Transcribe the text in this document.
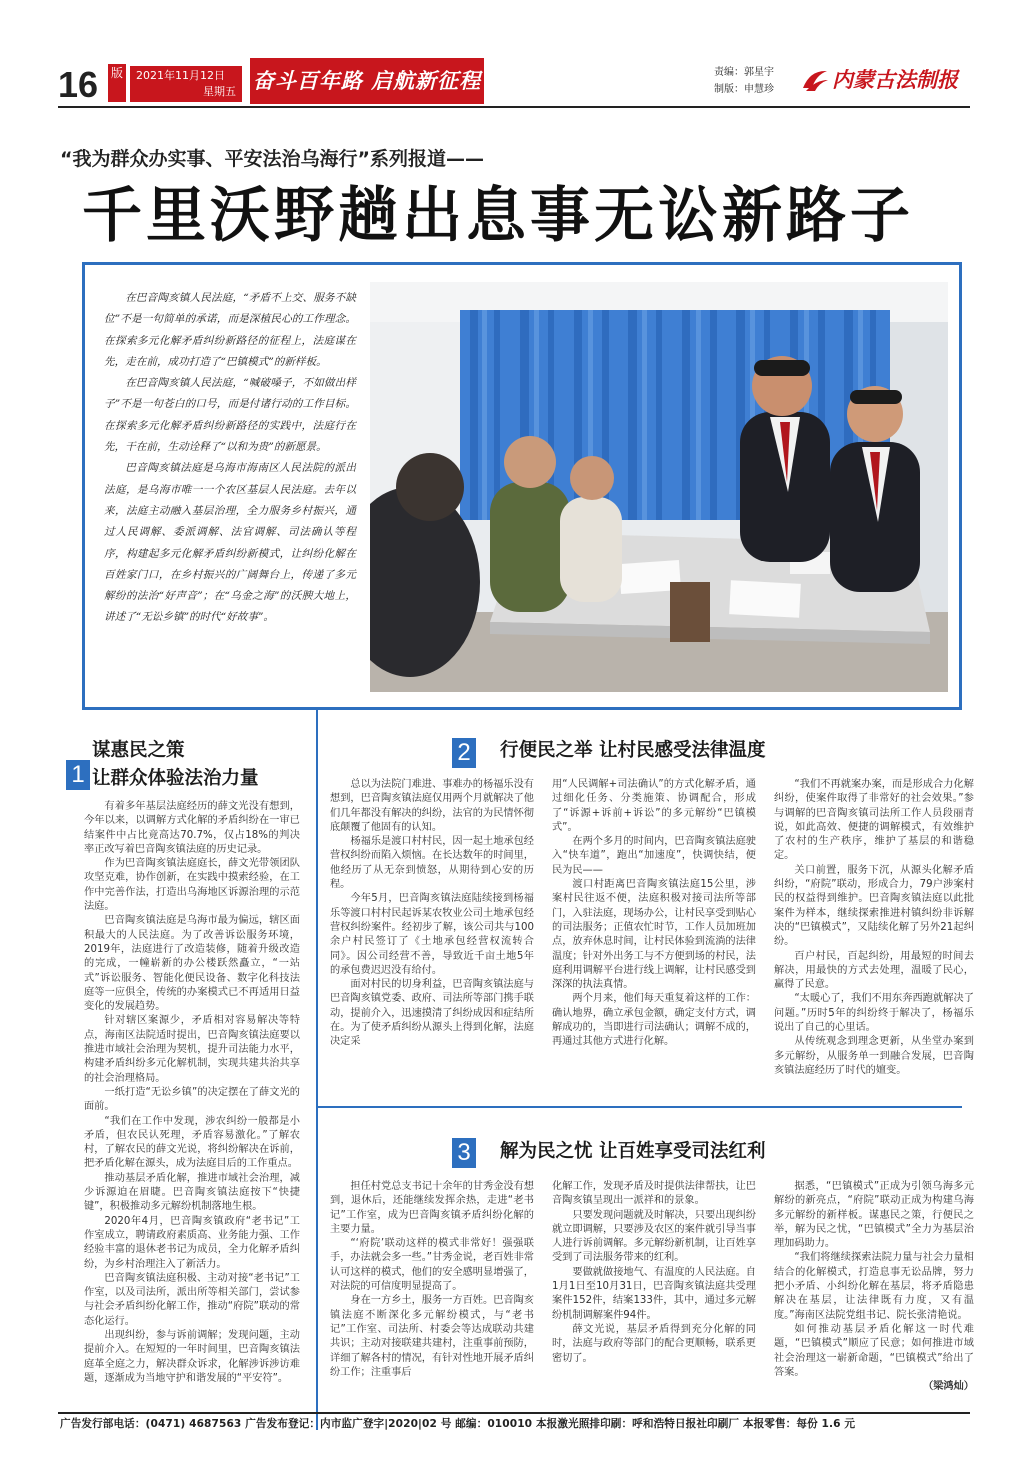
16 版	2021年11月12日
星期五 奋斗百年路 启航新征程	责编：郭星宇
制版：申慧珍	内蒙古法制报
“我为群众办实事、平安法治乌海行”系列报道——
千里沃野趟出息事无讼新路子

在巴音陶亥镇人民法庭，“矛盾不上交、服务不缺位”不是一句简单的承诺，而是深植民心的工作理念。在探索多元化解矛盾纠纷新路径的征程上，法庭谋在先，走在前，成功打造了“巴镇模式”的新样板。

在巴音陶亥镇人民法庭，“喊破嗓子，不如做出样子”不是一句苍白的口号，而是付诸行动的工作目标。在探索多元化解矛盾纠纷新路径的实践中，法庭行在先，干在前，生动诠释了“以和为贵”的新愿景。

巴音陶亥镇法庭是乌海市海南区人民法院的派出法庭，是乌海市唯一一个农区基层人民法庭。去年以来，法庭主动融入基层治理，全力服务乡村振兴，通过人民调解、委派调解、法官调解、司法确认等程序，构建起多元化解矛盾纠纷新模式，让纠纷化解在百姓家门口，在乡村振兴的广阔舞台上，传递了多元解纷的法治“好声音”；在“乌金之海”的沃腴大地上，讲述了“无讼乡镇”的时代“好故事”。

谋惠民之策
1 让群众体验法治力量

有着多年基层法庭经历的薛文光没有想到，今年以来，以调解方式化解的矛盾纠纷在一审已结案件中占比竟高达70.7%，仅占18%的判决率正改写着巴音陶亥镇法庭的历史记录。

作为巴音陶亥镇法庭庭长，薛文光带领团队攻坚克难，协作创新，在实践中摸索经验，在工作中完善作法，打造出乌海地区诉源治理的示范法庭。

巴音陶亥镇法庭是乌海市最为偏远，辖区面积最大的人民法庭。为了改善诉讼服务环境，2019年，法庭进行了改造装修，随着升级改造的完成，一幢崭新的办公楼跃然矗立，“一站式”诉讼服务、智能化便民设备、数字化科技法庭等一应俱全，传统的办案模式已不再适用日益变化的发展趋势。

针对辖区案源少，矛盾相对容易解决等特点，海南区法院适时提出，巴音陶亥镇法庭要以推进市域社会治理为契机，提升司法能力水平，构建矛盾纠纷多元化解机制，实现共建共治共享的社会治理格局。

一纸打造“无讼乡镇”的决定摆在了薛文光的面前。

“我们在工作中发现，涉农纠纷一般都是小矛盾，但农民认死理，矛盾容易激化。”了解农村，了解农民的薛文光说，将纠纷解决在诉前，把矛盾化解在源头，成为法庭目后的工作重点。

推动基层矛盾化解，推进市域社会治理，减少诉源迫在眉睫。巴音陶亥镇法庭按下“快捷键”，积极推动多元解纷机制落地生根。

2020年4月，巴音陶亥镇政府“老书记”工作室成立，聘请政府素质高、业务能力强、工作经验丰富的退休老书记为成员，全力化解矛盾纠纷，为乡村治理注入了新活力。

巴音陶亥镇法庭积极、主动对接“老书记”工作室，以及司法所，派出所等相关部门，尝试参与社会矛盾纠纷化解工作，推动“府院”联动的常态化运行。

出现纠纷，参与诉前调解；发现问题，主动提前介入。在短短的一年时间里，巴音陶亥镇法庭革全庭之力，解决群众诉求，化解涉诉涉访难题，逐渐成为当地守护和谐发展的“平安符”。

2 行便民之举 让村民感受法律温度

总以为法院门难进、事难办的杨福乐没有想到，巴音陶亥镇法庭仅用两个月就解决了他们几年都没有解决的纠纷，法官的为民情怀彻底颠覆了他固有的认知。

杨福乐是渡口村村民，因一起土地承包经营权纠纷而陷入烦恼。在长达数年的时间里，他经历了从无奈到愤怒，从期待到心安的历程。

今年5月，巴音陶亥镇法庭陆续接到杨福乐等渡口村村民起诉某农牧业公司土地承包经营权纠纷案件。经初步了解，该公司共与100余户村民签订了《土地承包经营权流转合同》。因公司经营不善，导致近千亩土地5年的承包费迟迟没有给付。

面对村民的切身利益，巴音陶亥镇法庭与巴音陶亥镇党委、政府、司法所等部门携手联动，提前介入，迅速摸清了纠纷成因和症结所在。为了使矛盾纠纷从源头上得到化解，法庭决定采

用“人民调解+司法确认”的方式化解矛盾，通过细化任务、分类施策、协调配合，形成了“诉源+诉前+诉讼”的多元解纷“巴镇模式”。

在两个多月的时间内，巴音陶亥镇法庭驶入“快车道”，跑出“加速度”，快调快结，便民为民——

渡口村距离巴音陶亥镇法庭15公里，涉案村民往返不便，法庭积极对接司法所等部门，入驻法庭，现场办公，让村民享受到贴心的司法服务；正值农忙时节，工作人员加班加点，放弃休息时间，让村民体验到流淌的法律温度；针对外出务工与不方便到场的村民，法庭利用调解平台进行线上调解，让村民感受到深深的执法真情。

两个月来，他们每天重复着这样的工作：确认地界，确立承包金额，确定支付方式，调解成功的，当即进行司法确认；调解不成的，再通过其他方式进行化解。

“我们不再就案办案，而是形成合力化解纠纷，使案件取得了非常好的社会效果。”参与调解的巴音陶亥镇司法所工作人员段丽青说，如此高效、便捷的调解模式，有效维护了农村的生产秩序，维护了基层的和谐稳定。

关口前置，服务下沉，从源头化解矛盾纠纷，“府院”联动，形成合力，79户涉案村民的权益得到维护。巴音陶亥镇法庭以此批案件为样本，继续探索推进村镇纠纷非诉解决的“巴镇模式”，又陆续化解了另外21起纠纷。

百户村民，百起纠纷，用最短的时间去解决，用最快的方式去处理，温暖了民心，赢得了民意。

“太暖心了，我们不用东奔西跑就解决了问题。”历时5年的纠纷终于解决了，杨福乐说出了自己的心里话。

从传统观念到理念更新，从坐堂办案到多元解纷，从服务单一到融合发展，巴音陶亥镇法庭经历了时代的嬗变。

3 解为民之忧 让百姓享受司法红利

担任村党总支书记十余年的甘秀金没有想到，退休后，还能继续发挥余热，走进“老书记”工作室，成为巴音陶亥镇矛盾纠纷化解的主要力量。

“‘府院’联动这样的模式非常好！强强联手，办法就会多一些。”甘秀金说，老百姓非常认可这样的模式，他们的安全感明显增强了，对法院的可信度明显提高了。

身在一方乡土，服务一方百姓。巴音陶亥镇法庭不断深化多元解纷模式，与“老书记”工作室、司法所、村委会等达成联动共建共识；主动对接联建共建村，注重事前预防，详细了解各村的情况，有针对性地开展矛盾纠纷工作；注重事后

化解工作，发现矛盾及时提供法律帮扶，让巴音陶亥镇呈现出一派祥和的景象。

只要发现问题就及时解决，只要出现纠纷就立即调解，只要涉及农区的案件就引导当事人进行诉前调解。多元解纷新机制，让百姓享受到了司法服务带来的红利。

要做就做接地气、有温度的人民法庭。自1月1日至10月31日，巴音陶亥镇法庭共受理案件152件，结案133件，其中，通过多元解纷机制调解案件94件。

薛文光说，基层矛盾得到充分化解的同时，法庭与政府等部门的配合更顺畅，联系更密切了。

据悉，“巴镇模式”正成为引领乌海多元解纷的新亮点，“府院”联动正成为构建乌海多元解纷的新样板。谋惠民之策，行便民之举，解为民之忧，“巴镇模式”全力为基层治理加码助力。

“我们将继续探索法院力量与社会力量相结合的化解模式，打造息事无讼品牌，努力把小矛盾、小纠纷化解在基层，将矛盾隐患解决在基层，让法律既有力度，又有温度。”海南区法院党组书记、院长张清艳说。

如何推动基层矛盾化解这一时代难题，“巴镇模式”顺应了民意；如何推进市域社会治理这一崭新命题，“巴镇模式”给出了答案。

（梁鸿灿）
广告发行部电话：(0471) 4687563 广告发布登记：内市监广登字|2020|02 号 邮编：010010 本报激光照排印刷：呼和浩特日报社印刷厂 本报零售：每份 1.6 元
